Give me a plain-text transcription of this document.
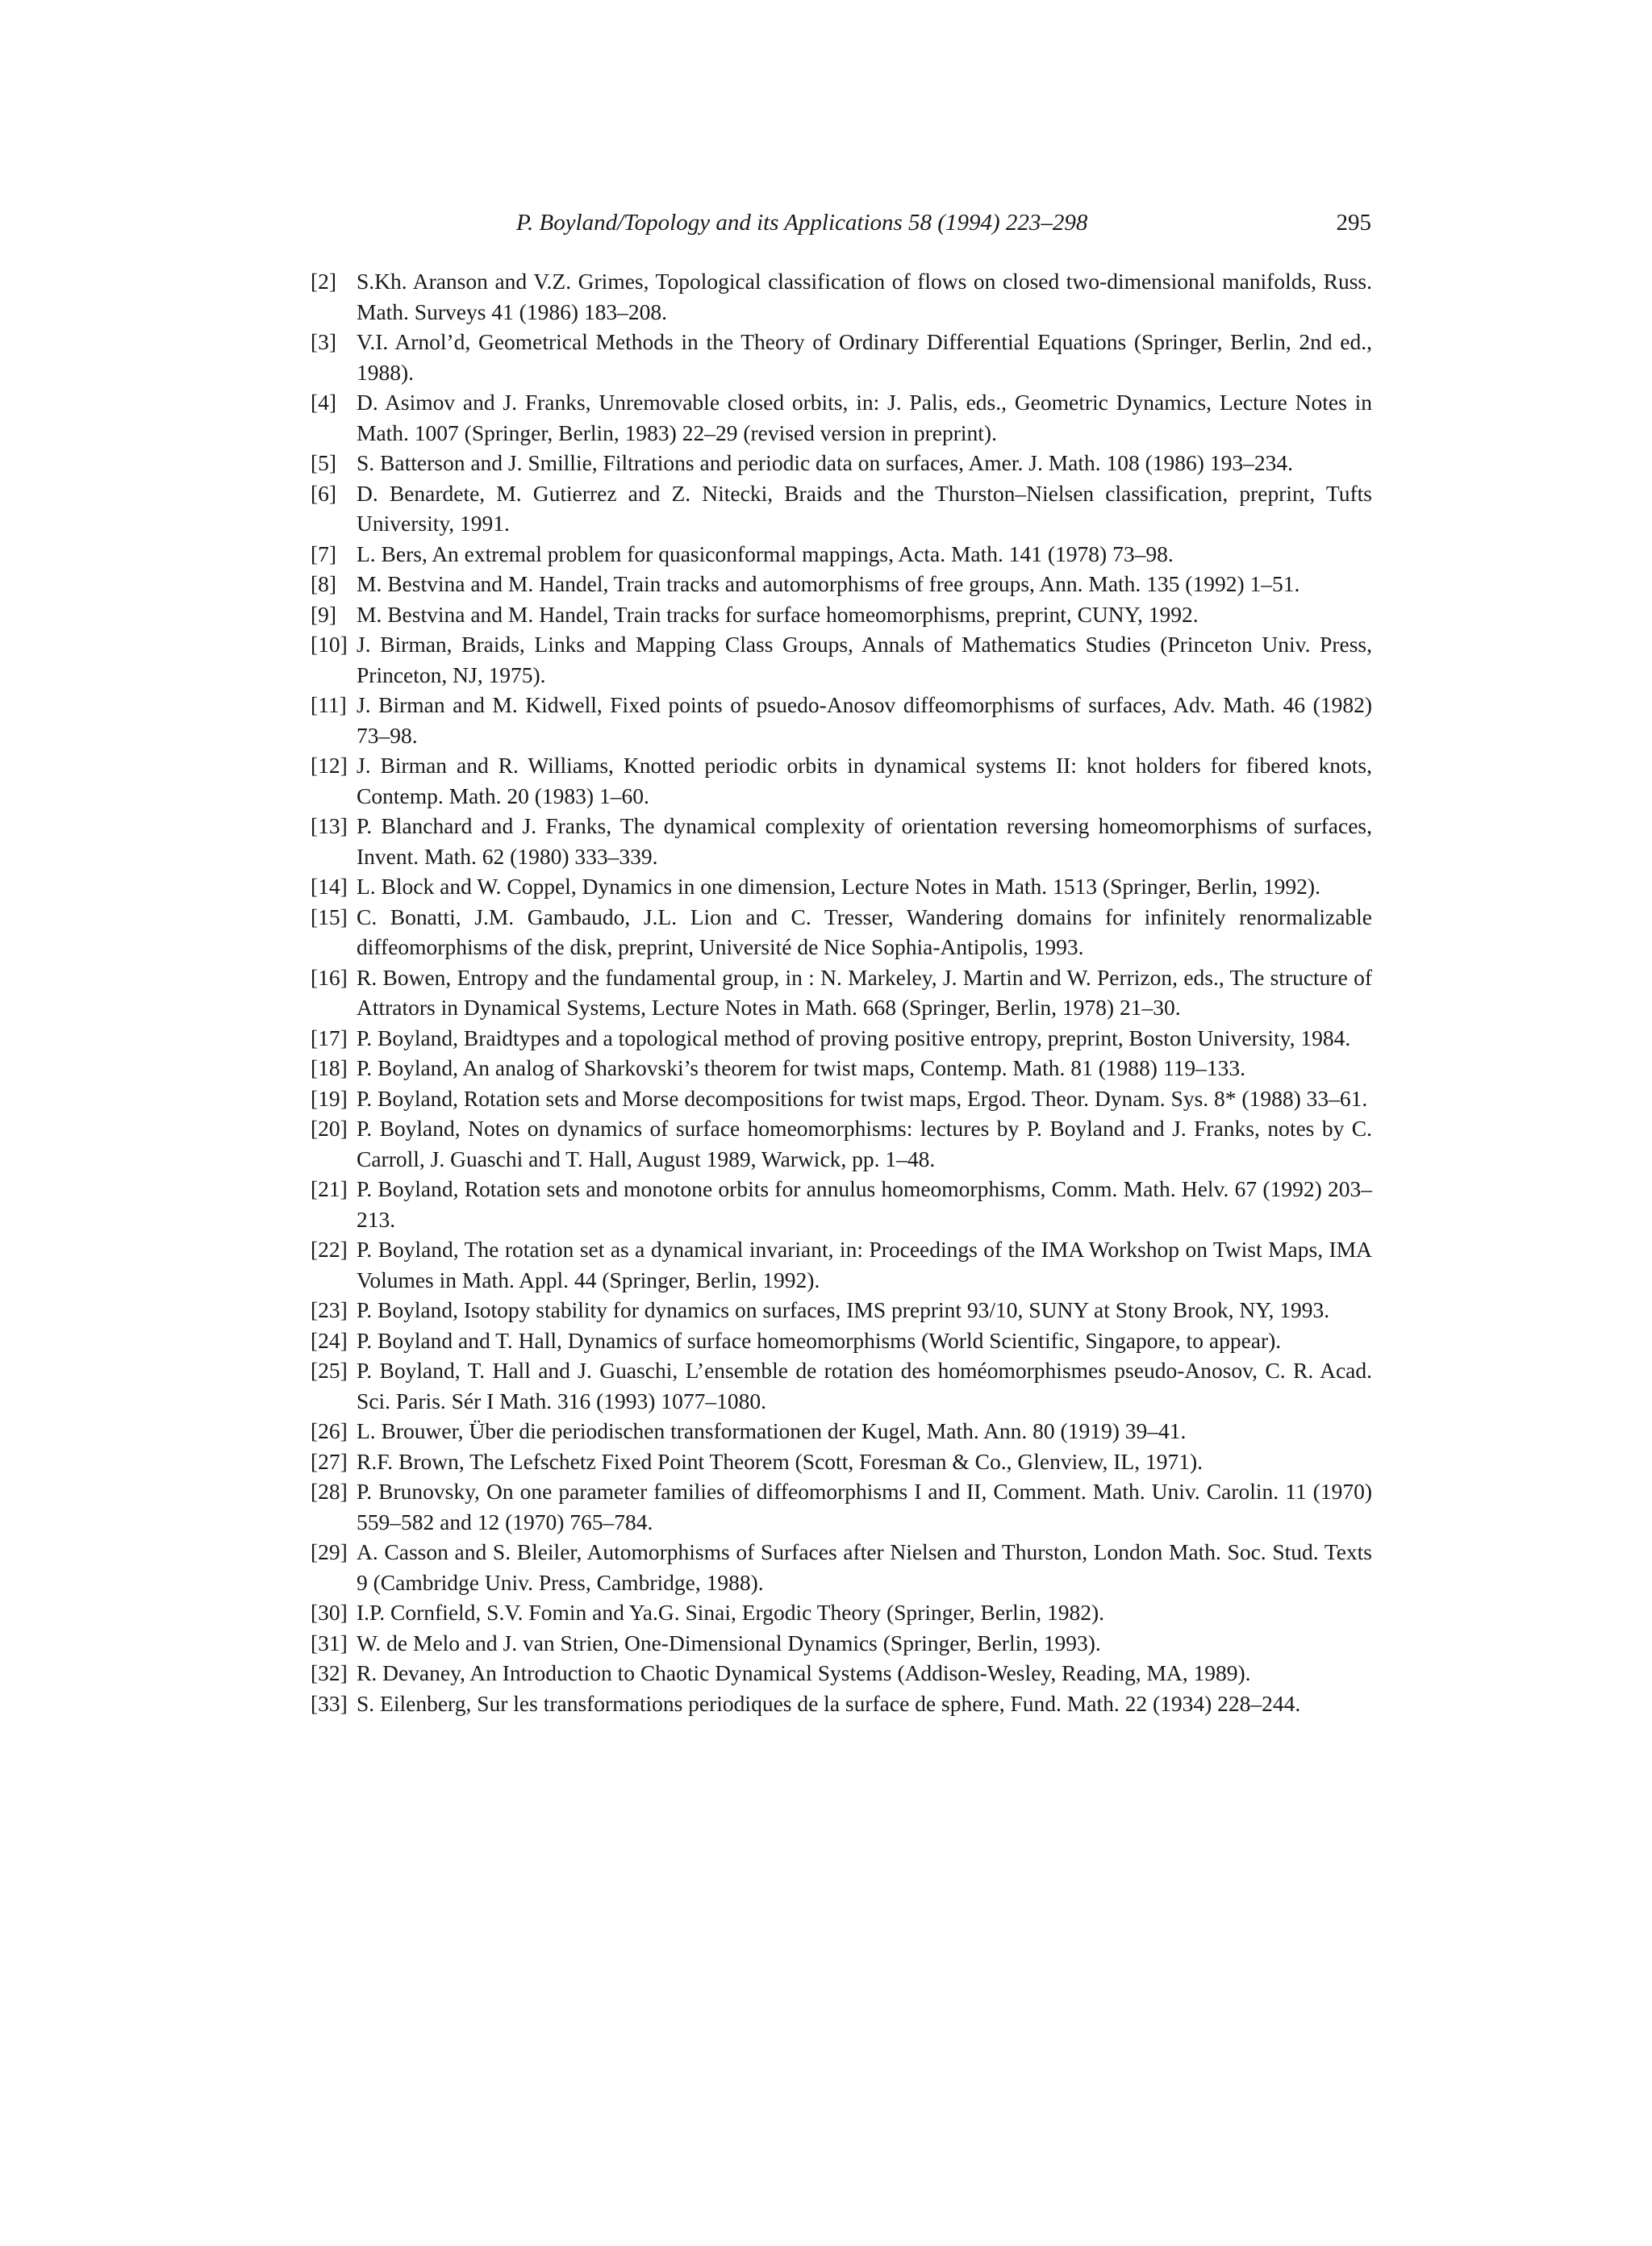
P. Boyland/Topology and its Applications 58 (1994) 223–298	295
[2] S.Kh. Aranson and V.Z. Grimes, Topological classification of flows on closed two-dimensional manifolds, Russ. Math. Surveys 41 (1986) 183–208.
[3] V.I. Arnol’d, Geometrical Methods in the Theory of Ordinary Differential Equations (Springer, Berlin, 2nd ed., 1988).
[4] D. Asimov and J. Franks, Unremovable closed orbits, in: J. Palis, eds., Geometric Dynamics, Lecture Notes in Math. 1007 (Springer, Berlin, 1983) 22–29 (revised version in preprint).
[5] S. Batterson and J. Smillie, Filtrations and periodic data on surfaces, Amer. J. Math. 108 (1986) 193–234.
[6] D. Benardete, M. Gutierrez and Z. Nitecki, Braids and the Thurston–Nielsen classification, preprint, Tufts University, 1991.
[7] L. Bers, An extremal problem for quasiconformal mappings, Acta. Math. 141 (1978) 73–98.
[8] M. Bestvina and M. Handel, Train tracks and automorphisms of free groups, Ann. Math. 135 (1992) 1–51.
[9] M. Bestvina and M. Handel, Train tracks for surface homeomorphisms, preprint, CUNY, 1992.
[10] J. Birman, Braids, Links and Mapping Class Groups, Annals of Mathematics Studies (Princeton Univ. Press, Princeton, NJ, 1975).
[11] J. Birman and M. Kidwell, Fixed points of psuedo-Anosov diffeomorphisms of surfaces, Adv. Math. 46 (1982) 73–98.
[12] J. Birman and R. Williams, Knotted periodic orbits in dynamical systems II: knot holders for fibered knots, Contemp. Math. 20 (1983) 1–60.
[13] P. Blanchard and J. Franks, The dynamical complexity of orientation reversing homeomorphisms of surfaces, Invent. Math. 62 (1980) 333–339.
[14] L. Block and W. Coppel, Dynamics in one dimension, Lecture Notes in Math. 1513 (Springer, Berlin, 1992).
[15] C. Bonatti, J.M. Gambaudo, J.L. Lion and C. Tresser, Wandering domains for infinitely renormalizable diffeomorphisms of the disk, preprint, Université de Nice Sophia-Antipolis, 1993.
[16] R. Bowen, Entropy and the fundamental group, in : N. Markeley, J. Martin and W. Perrizon, eds., The structure of Attrators in Dynamical Systems, Lecture Notes in Math. 668 (Springer, Berlin, 1978) 21–30.
[17] P. Boyland, Braidtypes and a topological method of proving positive entropy, preprint, Boston University, 1984.
[18] P. Boyland, An analog of Sharkovski’s theorem for twist maps, Contemp. Math. 81 (1988) 119–133.
[19] P. Boyland, Rotation sets and Morse decompositions for twist maps, Ergod. Theor. Dynam. Sys. 8* (1988) 33–61.
[20] P. Boyland, Notes on dynamics of surface homeomorphisms: lectures by P. Boyland and J. Franks, notes by C. Carroll, J. Guaschi and T. Hall, August 1989, Warwick, pp. 1–48.
[21] P. Boyland, Rotation sets and monotone orbits for annulus homeomorphisms, Comm. Math. Helv. 67 (1992) 203–213.
[22] P. Boyland, The rotation set as a dynamical invariant, in: Proceedings of the IMA Workshop on Twist Maps, IMA Volumes in Math. Appl. 44 (Springer, Berlin, 1992).
[23] P. Boyland, Isotopy stability for dynamics on surfaces, IMS preprint 93/10, SUNY at Stony Brook, NY, 1993.
[24] P. Boyland and T. Hall, Dynamics of surface homeomorphisms (World Scientific, Singapore, to appear).
[25] P. Boyland, T. Hall and J. Guaschi, L’ensemble de rotation des homéomorphismes pseudo-Anosov, C. R. Acad. Sci. Paris. Sér I Math. 316 (1993) 1077–1080.
[26] L. Brouwer, Über die periodischen transformationen der Kugel, Math. Ann. 80 (1919) 39–41.
[27] R.F. Brown, The Lefschetz Fixed Point Theorem (Scott, Foresman & Co., Glenview, IL, 1971).
[28] P. Brunovsky, On one parameter families of diffeomorphisms I and II, Comment. Math. Univ. Carolin. 11 (1970) 559–582 and 12 (1970) 765–784.
[29] A. Casson and S. Bleiler, Automorphisms of Surfaces after Nielsen and Thurston, London Math. Soc. Stud. Texts 9 (Cambridge Univ. Press, Cambridge, 1988).
[30] I.P. Cornfield, S.V. Fomin and Ya.G. Sinai, Ergodic Theory (Springer, Berlin, 1982).
[31] W. de Melo and J. van Strien, One-Dimensional Dynamics (Springer, Berlin, 1993).
[32] R. Devaney, An Introduction to Chaotic Dynamical Systems (Addison-Wesley, Reading, MA, 1989).
[33] S. Eilenberg, Sur les transformations periodiques de la surface de sphere, Fund. Math. 22 (1934) 228–244.
